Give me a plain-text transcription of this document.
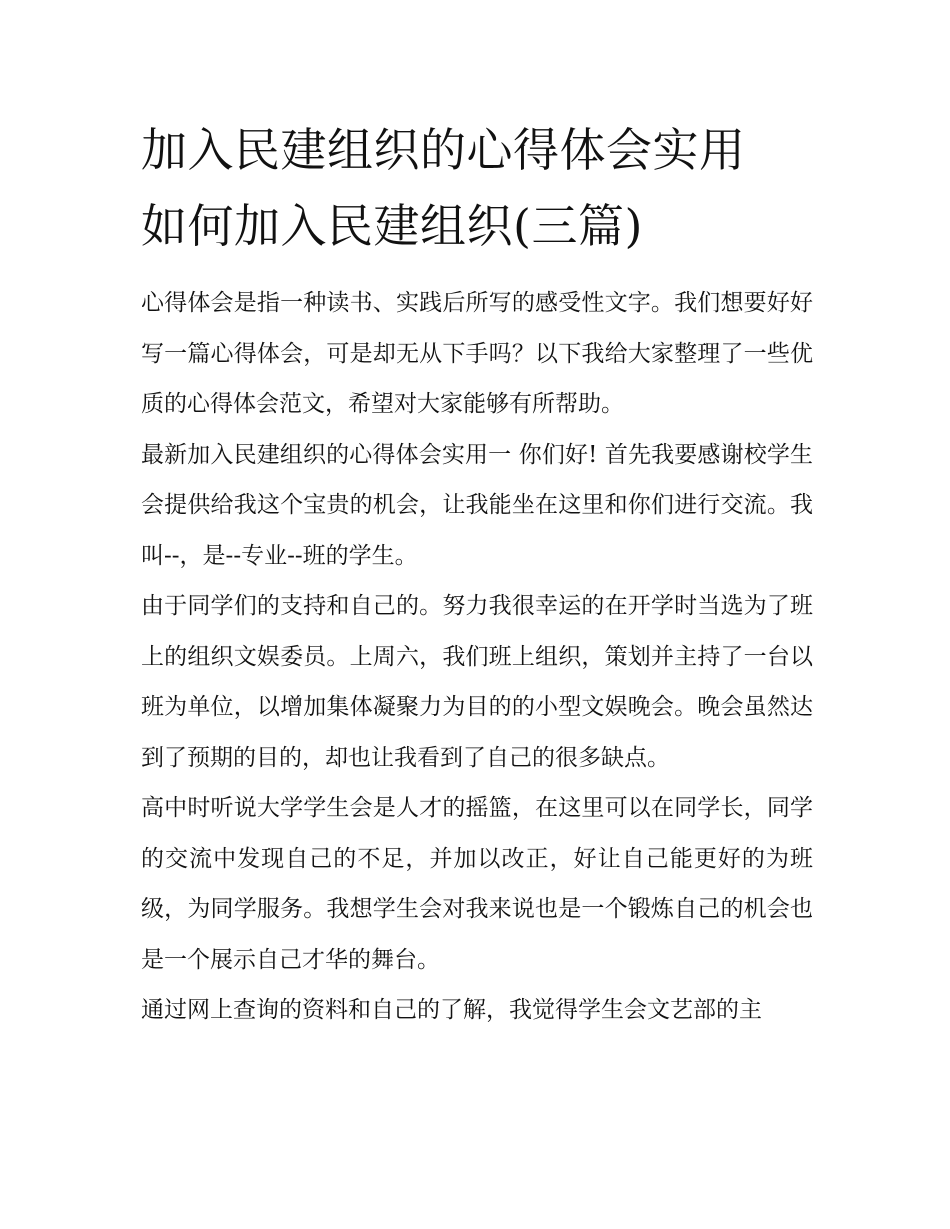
加入民建组织的心得体会实用
如何加入民建组织(三篇)

心得体会是指一种读书、实践后所写的感受性文字。我们想要好好写一篇心得体会，可是却无从下手吗？以下我给大家整理了一些优质的心得体会范文，希望对大家能够有所帮助。

最新加入民建组织的心得体会实用一 你们好! 首先我要感谢校学生会提供给我这个宝贵的机会，让我能坐在这里和你们进行交流。我叫--，是--专业--班的学生。

由于同学们的支持和自己的。努力我很幸运的在开学时当选为了班上的组织文娱委员。上周六，我们班上组织，策划并主持了一台以班为单位，以增加集体凝聚力为目的的小型文娱晚会。晚会虽然达到了预期的目的，却也让我看到了自己的很多缺点。

高中时听说大学学生会是人才的摇篮，在这里可以在同学长，同学的交流中发现自己的不足，并加以改正，好让自己能更好的为班级，为同学服务。我想学生会对我来说也是一个锻炼自己的机会也是一个展示自己才华的舞台。

通过网上查询的资料和自己的了解，我觉得学生会文艺部的主
